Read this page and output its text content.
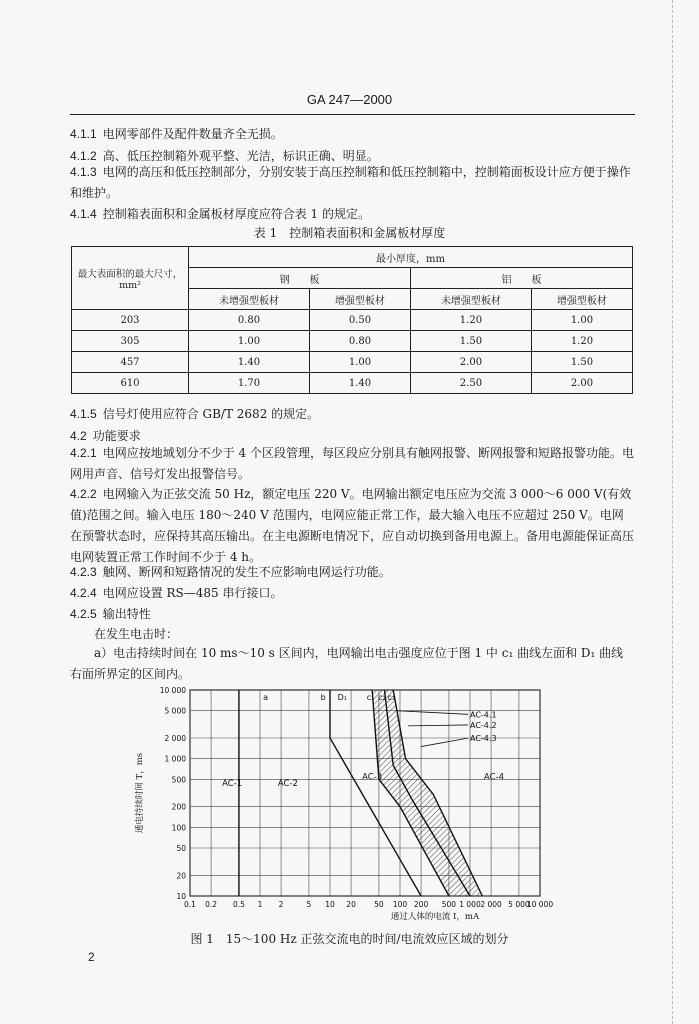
GA 247—2000
4.1.1 电网零部件及配件数量齐全无损。
4.1.2 高、低压控制箱外观平整、光洁，标识正确、明显。
4.1.3 电网的高压和低压控制部分，分别安装于高压控制箱和低压控制箱中，控制箱面板设计应方便于操作和维护。
4.1.4 控制箱表面积和金属板材厚度应符合表 1 的规定。
表 1　控制箱表面积和金属板材厚度
最大表面积的最大尺寸，mm²	最小厚度，mm			
	钢　　板		铝　　板	
	未增强型板材	增强型板材	未增强型板材	增强型板材
203	0.80	0.50	1.20	1.00
305	1.00	0.80	1.50	1.20
457	1.40	1.00	2.00	1.50
610	1.70	1.40	2.50	2.00
4.1.5 信号灯使用应符合 GB/T 2682 的规定。
4.2 功能要求
4.2.1 电网应按地域划分不少于 4 个区段管理，每区段应分别具有触网报警、断网报警和短路报警功能。电网用声音、信号灯发出报警信号。
4.2.2 电网输入为正弦交流 50 Hz，额定电压 220 V。电网输出额定电压应为交流 3 000～6 000 V(有效值)范围之间。输入电压 180～240 V 范围内，电网应能正常工作，最大输入电压不应超过 250 V。电网在预警状态时，应保持其高压输出。在主电源断电情况下，应自动切换到备用电源上。备用电源能保证高压电网装置正常工作时间不少于 4 h。
4.2.3 触网、断网和短路情况的发生不应影响电网运行功能。
4.2.4 电网应设置 RS—485 串行接口。
4.2.5 输出特性
在发生电击时：
a）电击持续时间在 10 ms～10 s 区间内，电网输出电击强度应位于图 1 中 c₁ 曲线左面和 D₁ 曲线右面所界定的区间内。
0.1 0.2 0.5 1 2	5 10 20 50 100 200 500 1 000 2 000 5 000
10 000
10 000
5 000
2 000
1 000
500
200
100
50
20
10
a	b D₁ c₁ c₂ c₃
AC-1	AC-2
AC-3	AC-4
AC-4.1
AC-4.2
AC-4.3
通过人体的电流 I，mA
通电持续时间 T，ms
图 1　15～100 Hz 正弦交流电的时间/电流效应区域的划分
2
